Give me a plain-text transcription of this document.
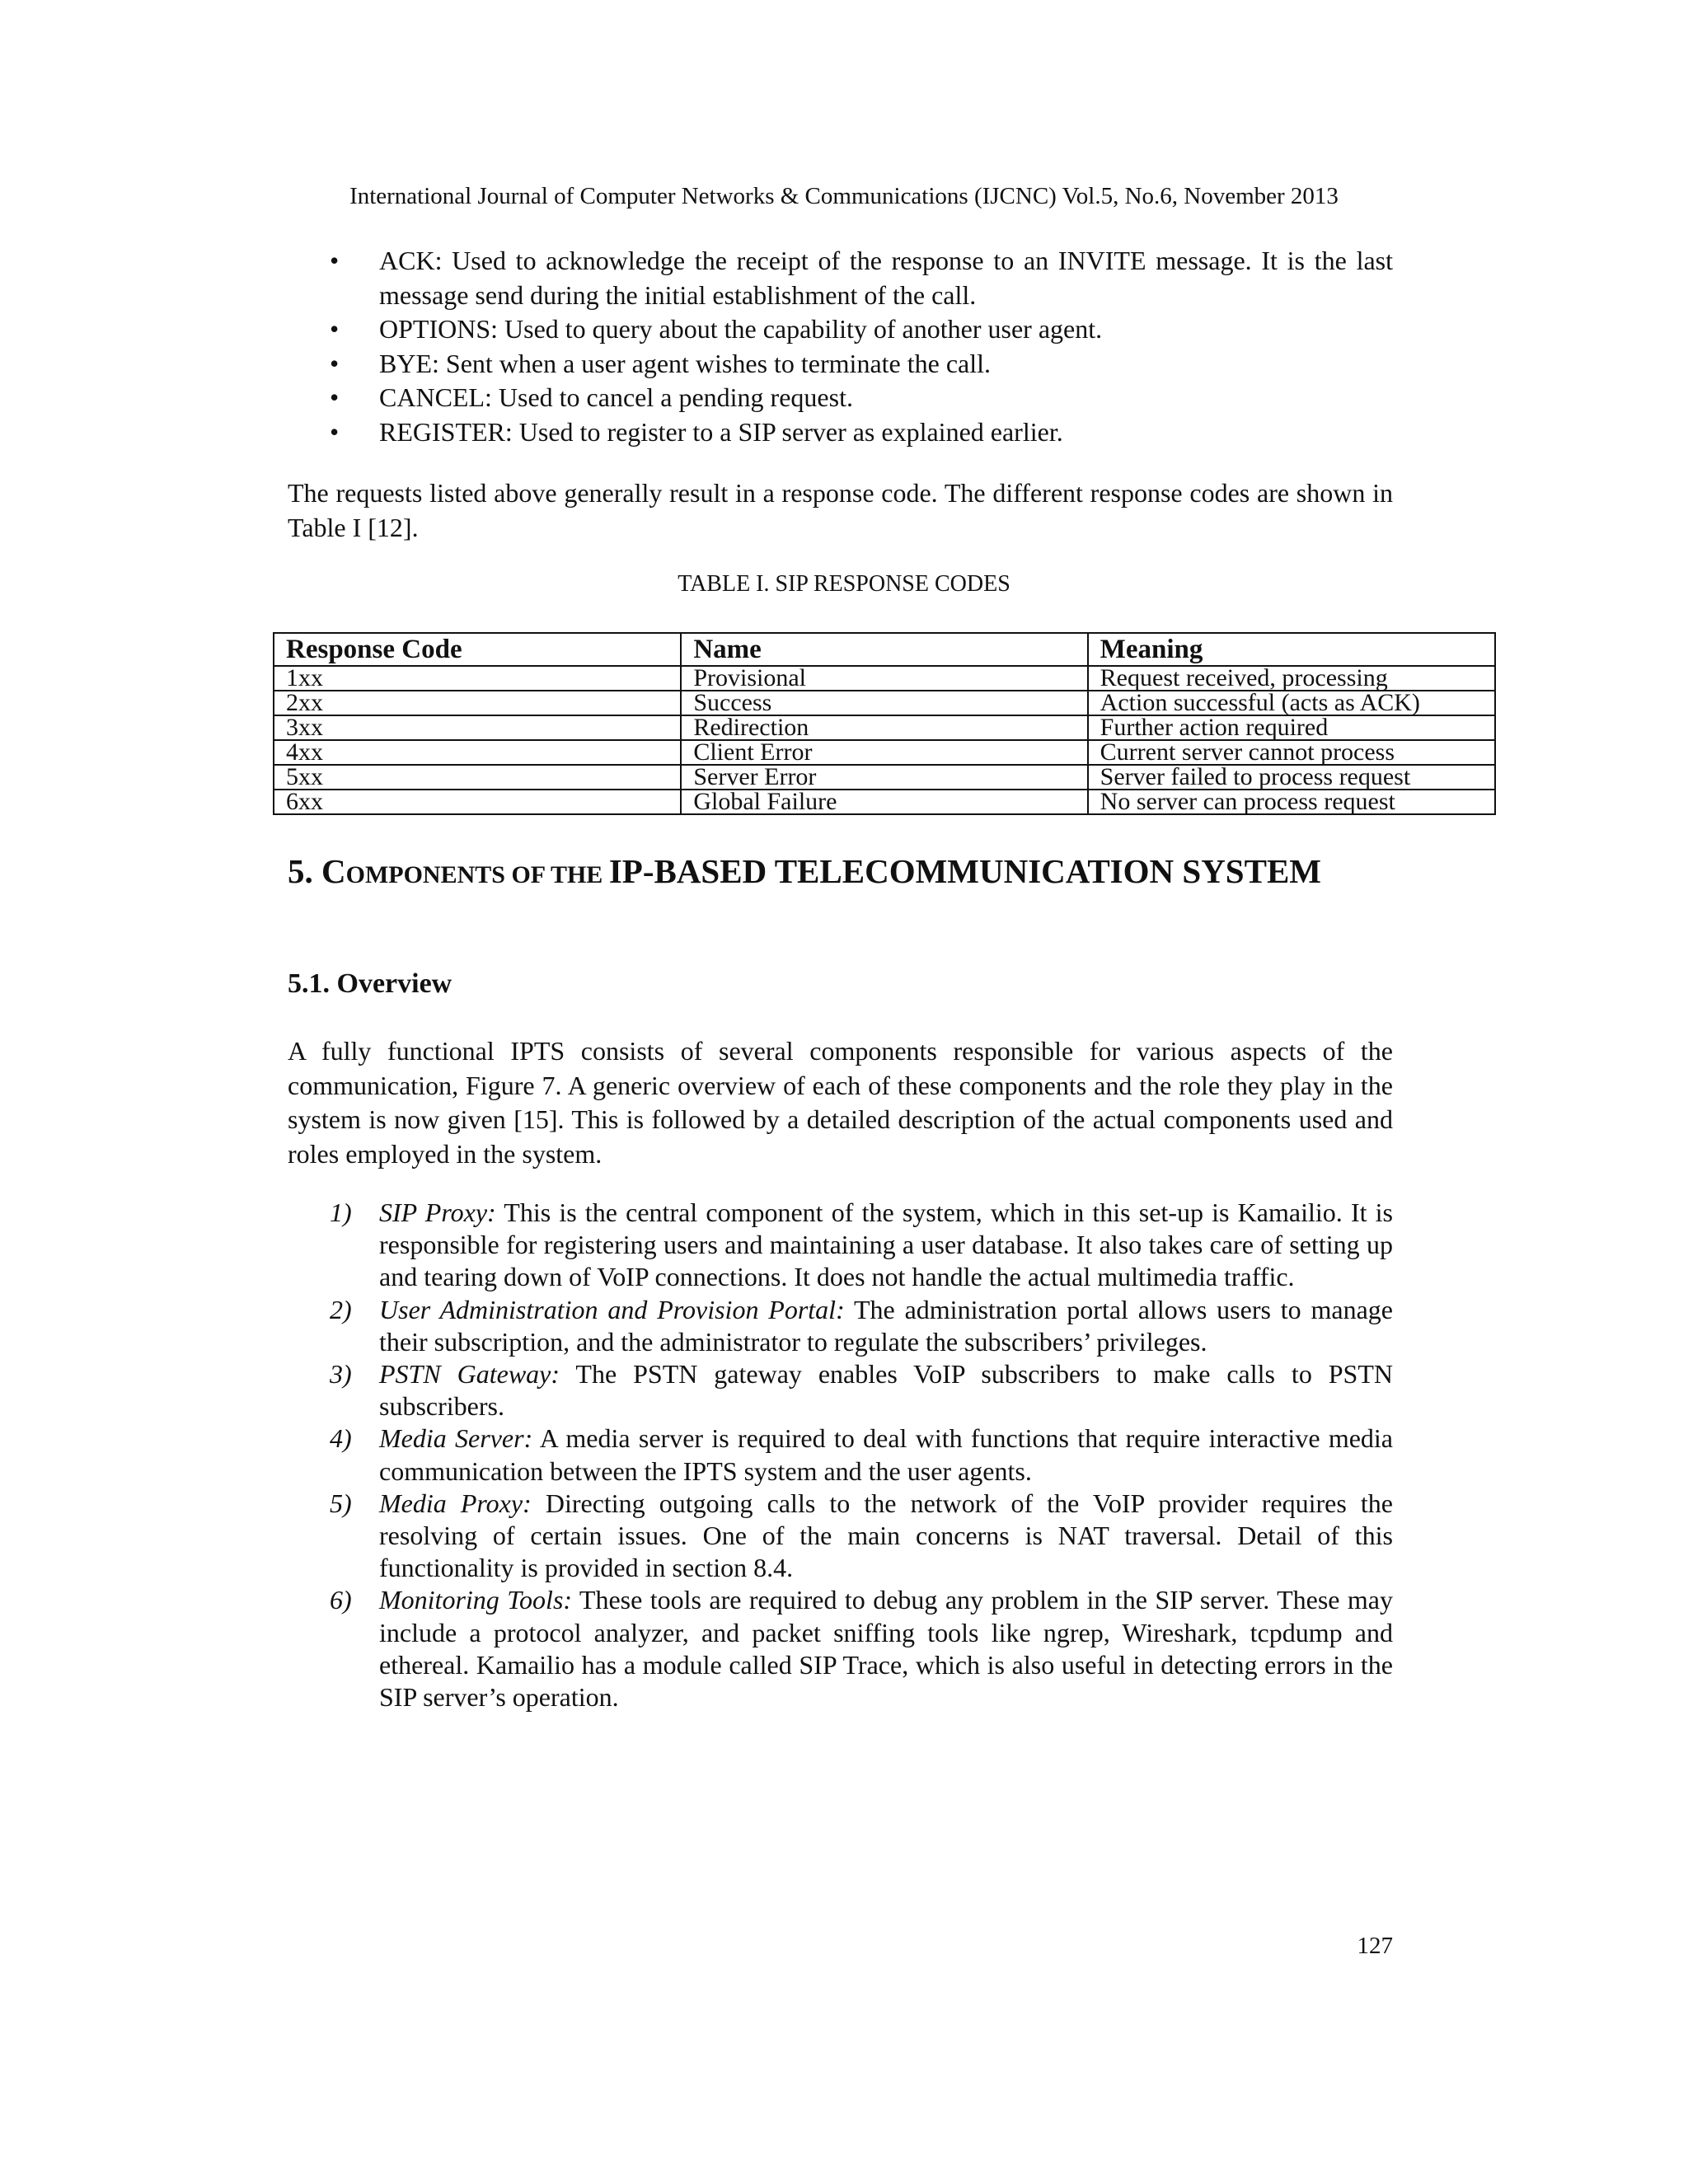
International Journal of Computer Networks & Communications (IJCNC) Vol.5, No.6, November 2013
• ACK: Used to acknowledge the receipt of the response to an INVITE message. It is the last message send during the initial establishment of the call.
• OPTIONS: Used to query about the capability of another user agent.
• BYE: Sent when a user agent wishes to terminate the call.
• CANCEL: Used to cancel a pending request.
• REGISTER: Used to register to a SIP server as explained earlier.

The requests listed above generally result in a response code. The different response codes are shown in Table I [12].

TABLE I. SIP RESPONSE CODES
Response Code	Name	Meaning
1xx	Provisional	Request received, processing
2xx	Success	Action successful (acts as ACK)
3xx	Redirection	Further action required
4xx	Client Error	Current server cannot process
5xx	Server Error	Server failed to process request
6xx	Global Failure	No server can process request
5. COMPONENTS OF THE IP-BASED TELECOMMUNICATION SYSTEM
5.1. Overview

A fully functional IPTS consists of several components responsible for various aspects of the communication, Figure 7. A generic overview of each of these components and the role they play in the system is now given [15]. This is followed by a detailed description of the actual components used and roles employed in the system.

1) SIP Proxy: This is the central component of the system, which in this set-up is Kamailio. It is responsible for registering users and maintaining a user database. It also takes care of setting up and tearing down of VoIP connections. It does not handle the actual multimedia traffic.
2) User Administration and Provision Portal: The administration portal allows users to manage their subscription, and the administrator to regulate the subscribers’ privileges.
3) PSTN Gateway: The PSTN gateway enables VoIP subscribers to make calls to PSTN subscribers.
4) Media Server: A media server is required to deal with functions that require interactive media communication between the IPTS system and the user agents.
5) Media Proxy: Directing outgoing calls to the network of the VoIP provider requires the resolving of certain issues. One of the main concerns is NAT traversal. Detail of this functionality is provided in section 8.4.
6) Monitoring Tools: These tools are required to debug any problem in the SIP server. These may include a protocol analyzer, and packet sniffing tools like ngrep, Wireshark, tcpdump and ethereal. Kamailio has a module called SIP Trace, which is also useful in detecting errors in the SIP server’s operation.
127
